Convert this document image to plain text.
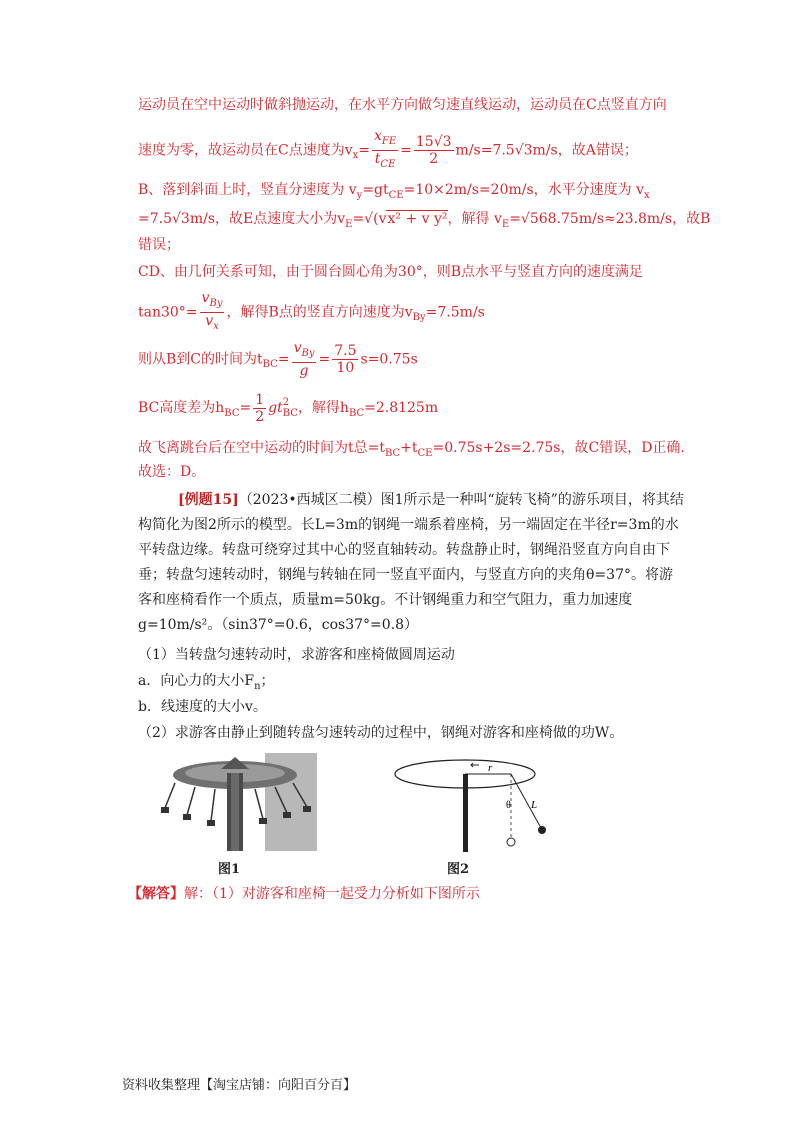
运动员在空中运动时做斜抛运动，在水平方向做匀速直线运动，运动员在C点竖直方向
速度为零，故运动员在C点速度为$v_x= \frac{x_{FE}}{t_{CE}} = \frac{15√3}{2} m/s=7.5√3m/s$，故A错误；
B、落到斜面上时，竖直分速度为 $v_y=gt_{CE}=10\times 2m/s=20m/s$，水平分速度为 $v_x$
=7.5√3m/s，故E点速度大小为$v_E=√(vx^2 + v$ y²，解得 $v_E=√568.75m/s\approx 23.8m/s$，故B
错误；
CD、由几何关系可知，由于圆台圆心角为30°，则B点水平与竖直方向的速度满足
$\tan 30^\circ= \frac{v_{By}}{v_x}$ ，解得B点的竖直方向速度为$v_{By}=7.5m/s$
则从B到C的时间为$t_{BC}= \frac{v_{By}}{g} = \frac{7.5}{10} s=0.75s$
BC高度差为$h_{BC}= \frac{1}{2}$ gt 2
BC ，解得$h_{BC}=2.8125m$
故飞离跳台后在空中运动的时间为t总$=t_{BC}+t_{CE}=0.75s+2s=2.75s$，故C错误，D正确.
故选：D。
[例题15]（2023•西城区二模）图1所示是一种叫“旋转飞椅”的游乐项目，将其结构简化为图2所示的模型。长L=3m的钢绳一端系着座椅，另一端固定在半径r=3m的水平转盘边缘。转盘可绕穿过其中心的竖直轴转动。转盘静止时，钢绳沿竖直方向自由下垂；转盘匀速转动时，钢绳与转轴在同一竖直平面内，与竖直方向的夹角θ=37°。将游客和座椅看作一个质点，质量m=50kg。不计钢绳重力和空气阻力，重力加速度g=10m/s²。（sin37°=0.6，cos37°=0.8）
（1）当转盘匀速转动时，求游客和座椅做圆周运动
a．向心力的大小$F_n$；
b．线速度的大小v。
（2）求游客由静止到随转盘匀速转动的过程中，钢绳对游客和座椅做的功W。
图1
r
θ L
图2
【解答】解：（1）对游客和座椅一起受力分析如下图所示
资料收集整理【淘宝店铺：向阳百分百】
